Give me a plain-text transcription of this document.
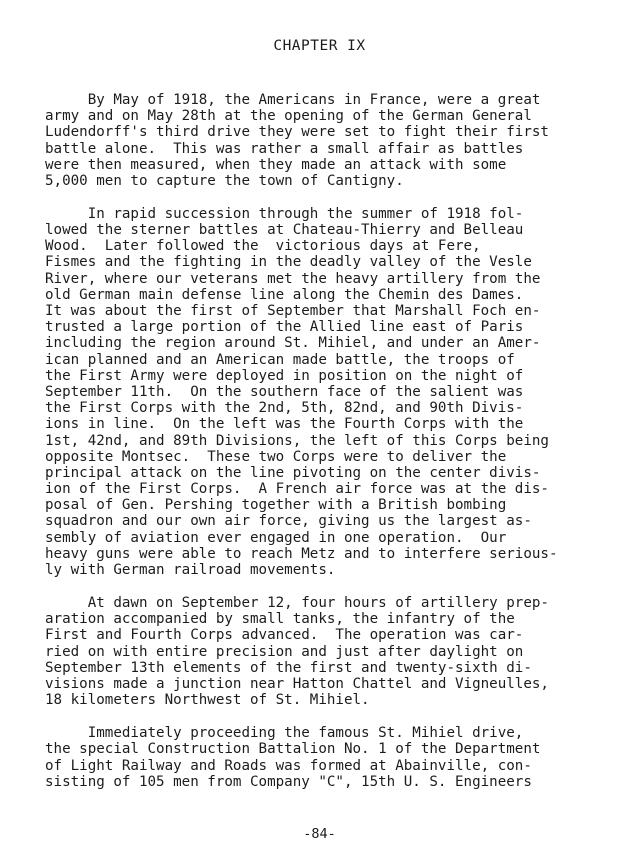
CHAPTER IX
By May of 1918, the Americans in France, were a great
army and on May 28th at the opening of the German General
Ludendorff's third drive they were set to fight their first
battle alone.  This was rather a small affair as battles
were then measured, when they made an attack with some
5,000 men to capture the town of Cantigny.
In rapid succession through the summer of 1918 fol-
lowed the sterner battles at Chateau-Thierry and Belleau
Wood.  Later followed the  victorious days at Fere,
Fismes and the fighting in the deadly valley of the Vesle
River, where our veterans met the heavy artillery from the
old German main defense line along the Chemin des Dames.
It was about the first of September that Marshall Foch en-
trusted a large portion of the Allied line east of Paris
including the region around St. Mihiel, and under an Amer-
ican planned and an American made battle, the troops of
the First Army were deployed in position on the night of
September 11th.  On the southern face of the salient was
the First Corps with the 2nd, 5th, 82nd, and 90th Divis-
ions in line.  On the left was the Fourth Corps with the
1st, 42nd, and 89th Divisions, the left of this Corps being
opposite Montsec.  These two Corps were to deliver the
principal attack on the line pivoting on the center divis-
ion of the First Corps.  A French air force was at the dis-
posal of Gen. Pershing together with a British bombing
squadron and our own air force, giving us the largest as-
sembly of aviation ever engaged in one operation.  Our
heavy guns were able to reach Metz and to interfere serious-
ly with German railroad movements.
At dawn on September 12, four hours of artillery prep-
aration accompanied by small tanks, the infantry of the
First and Fourth Corps advanced.  The operation was car-
ried on with entire precision and just after daylight on
September 13th elements of the first and twenty-sixth di-
visions made a junction near Hatton Chattel and Vigneulles,
18 kilometers Northwest of St. Mihiel.
Immediately proceeding the famous St. Mihiel drive,
the special Construction Battalion No. 1 of the Department
of Light Railway and Roads was formed at Abainville, con-
sisting of 105 men from Company "C", 15th U. S. Engineers
-84-
